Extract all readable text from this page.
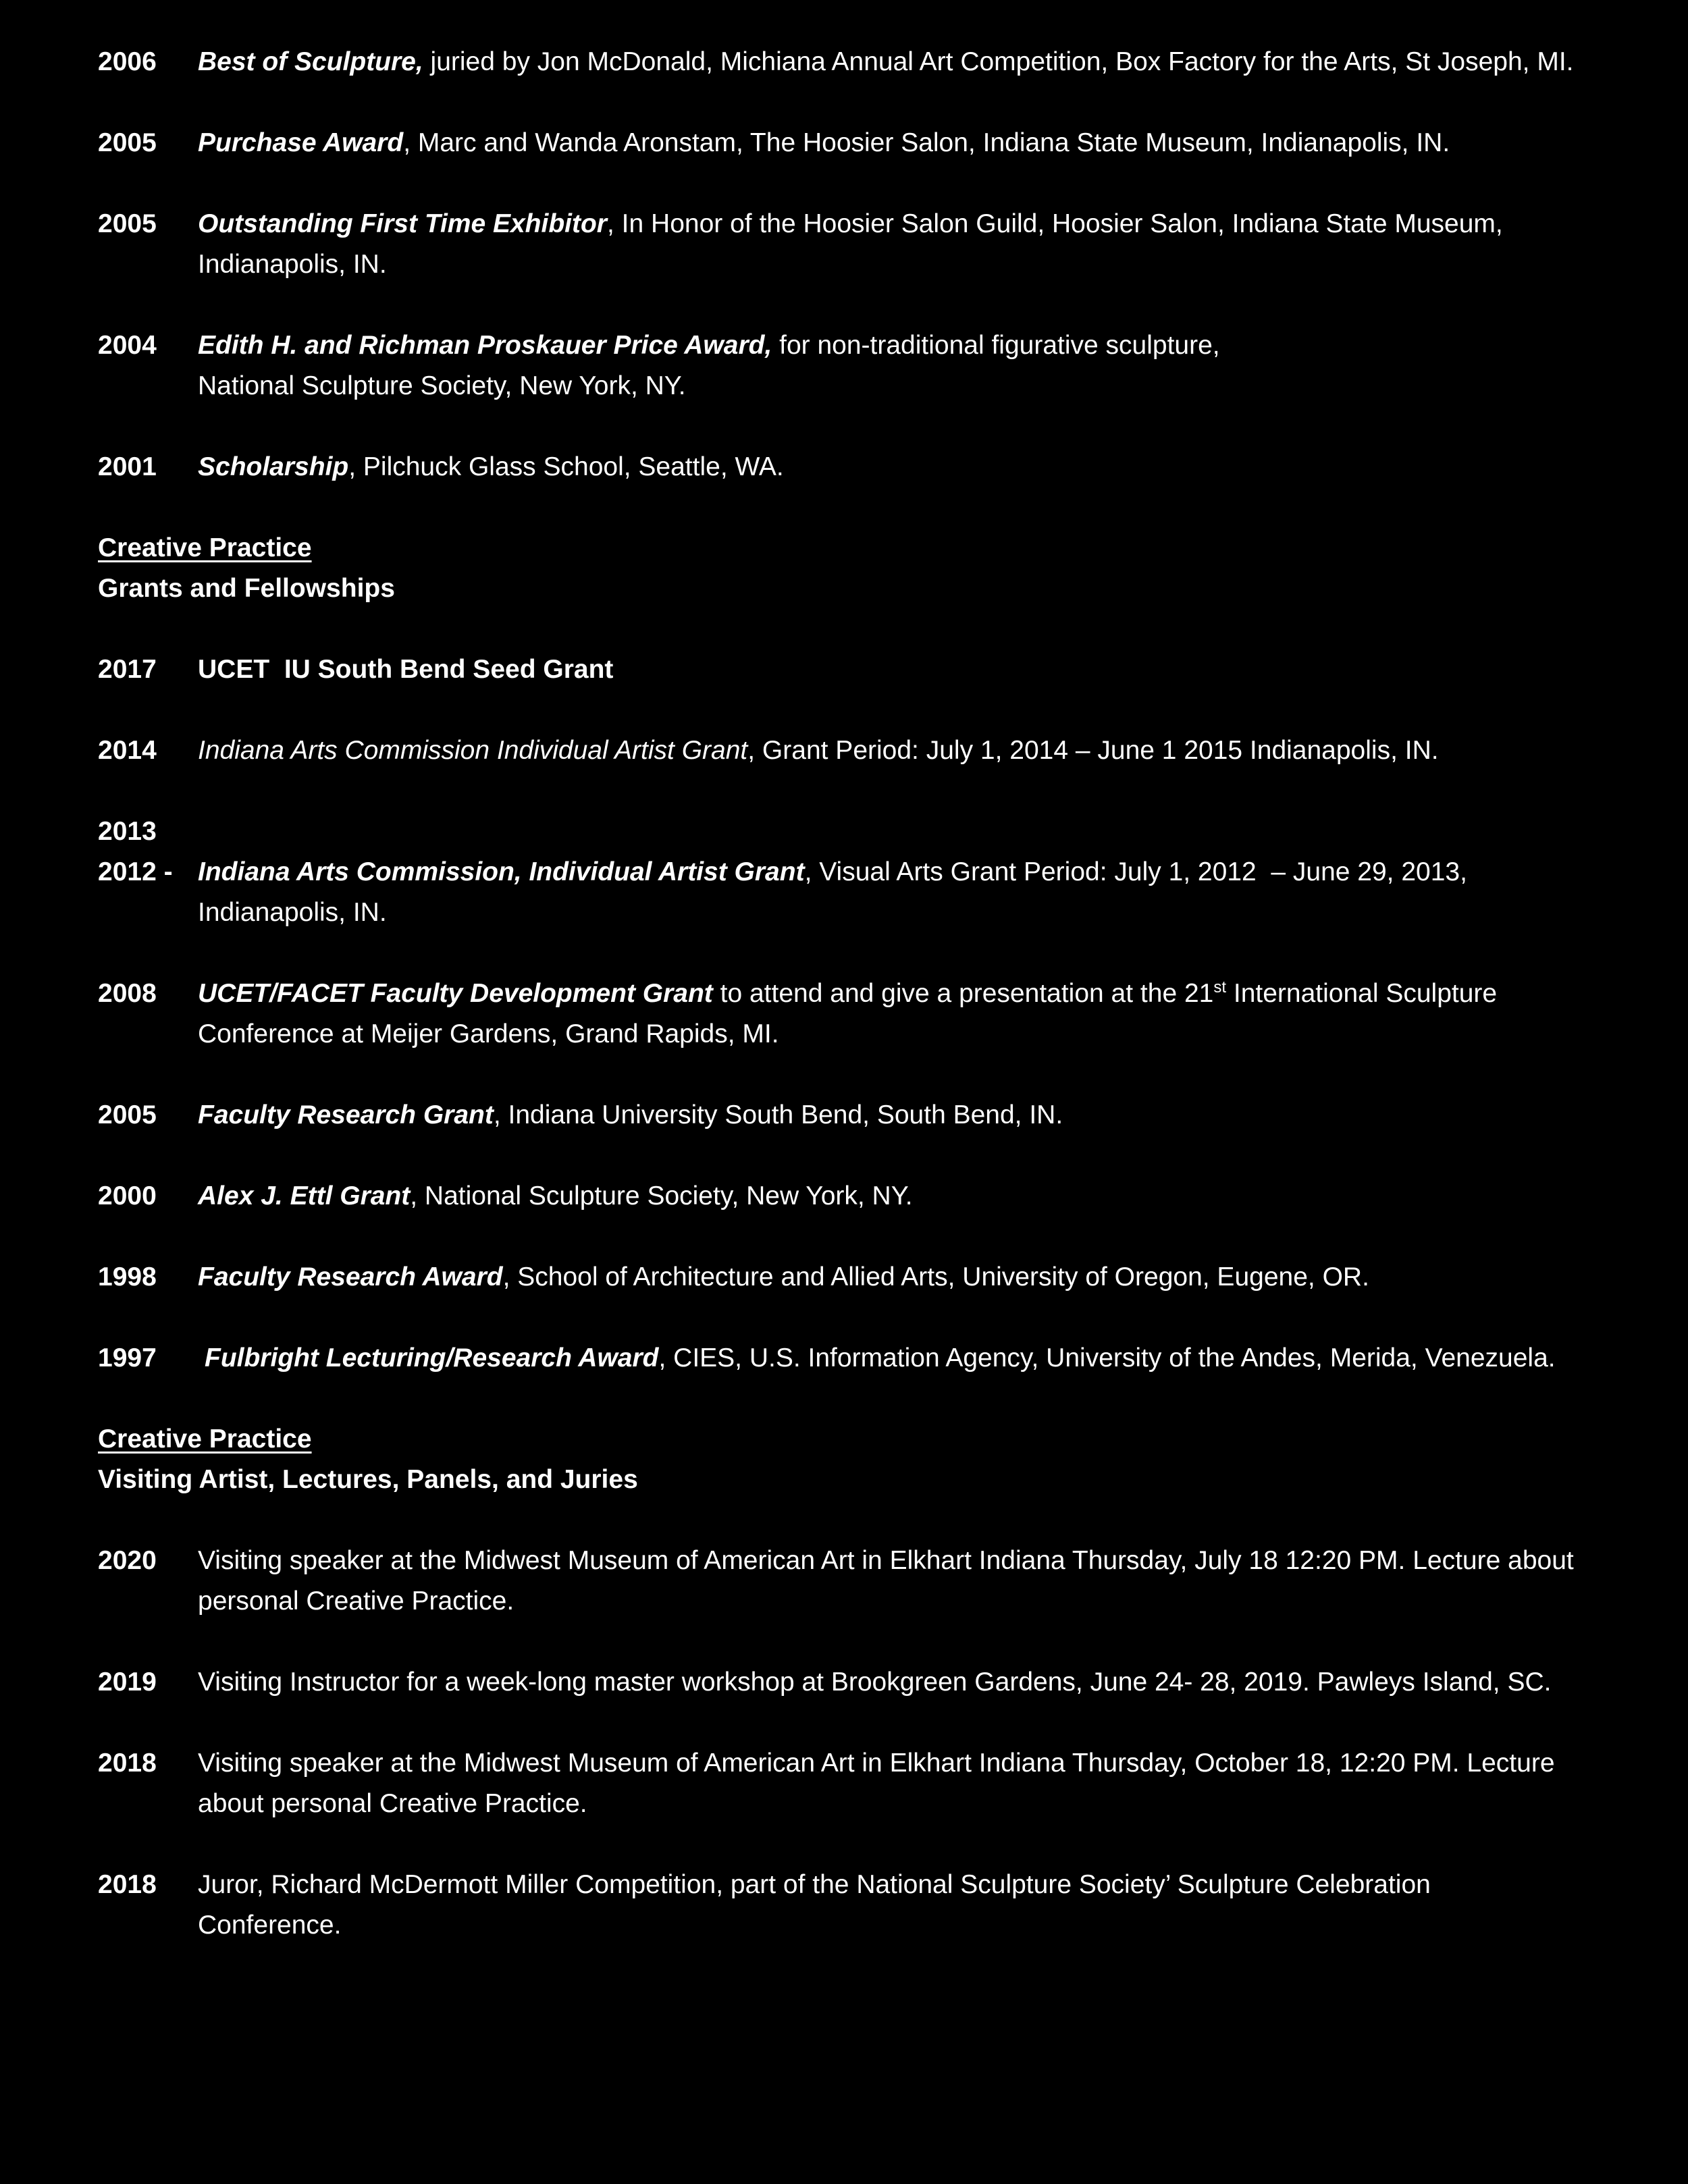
2006	Best of Sculpture, juried by Jon McDonald, Michiana Annual Art Competition, Box Factory for the Arts, St Joseph, MI.
2005	Purchase Award, Marc and Wanda Aronstam, The Hoosier Salon, Indiana State Museum, Indianapolis, IN.
2005	Outstanding First Time Exhibitor, In Honor of the Hoosier Salon Guild, Hoosier Salon, Indiana State Museum, Indianapolis, IN.
2004	Edith H. and Richman Proskauer Price Award, for non-traditional figurative sculpture, National Sculpture Society, New York, NY.
2001	Scholarship, Pilchuck Glass School, Seattle, WA.
Creative Practice
Grants and Fellowships
2017	UCET  IU South Bend Seed Grant
2014	Indiana Arts Commission Individual Artist Grant, Grant Period: July 1, 2014 – June 1 2015 Indianapolis, IN.
2013
2012 - Indiana Arts Commission, Individual Artist Grant, Visual Arts Grant Period: July 1, 2012  – June 29, 2013, Indianapolis, IN.
2008	UCET/FACET Faculty Development Grant to attend and give a presentation at the 21st International Sculpture Conference at Meijer Gardens, Grand Rapids, MI.
2005	Faculty Research Grant, Indiana University South Bend, South Bend, IN.
2000	Alex J. Ettl Grant, National Sculpture Society, New York, NY.
1998	Faculty Research Award, School of Architecture and Allied Arts, University of Oregon, Eugene, OR.
1997	Fulbright Lecturing/Research Award, CIES, U.S. Information Agency, University of the Andes, Merida, Venezuela.
Creative Practice
Visiting Artist, Lectures, Panels, and Juries
2020	Visiting speaker at the Midwest Museum of American Art in Elkhart Indiana Thursday, July 18 12:20 PM. Lecture about personal Creative Practice.
2019	Visiting Instructor for a week-long master workshop at Brookgreen Gardens, June 24- 28, 2019. Pawleys Island, SC.
2018	Visiting speaker at the Midwest Museum of American Art in Elkhart Indiana Thursday, October 18, 12:20 PM. Lecture about personal Creative Practice.
2018	Juror, Richard McDermott Miller Competition, part of the National Sculpture Society’ Sculpture Celebration Conference.
